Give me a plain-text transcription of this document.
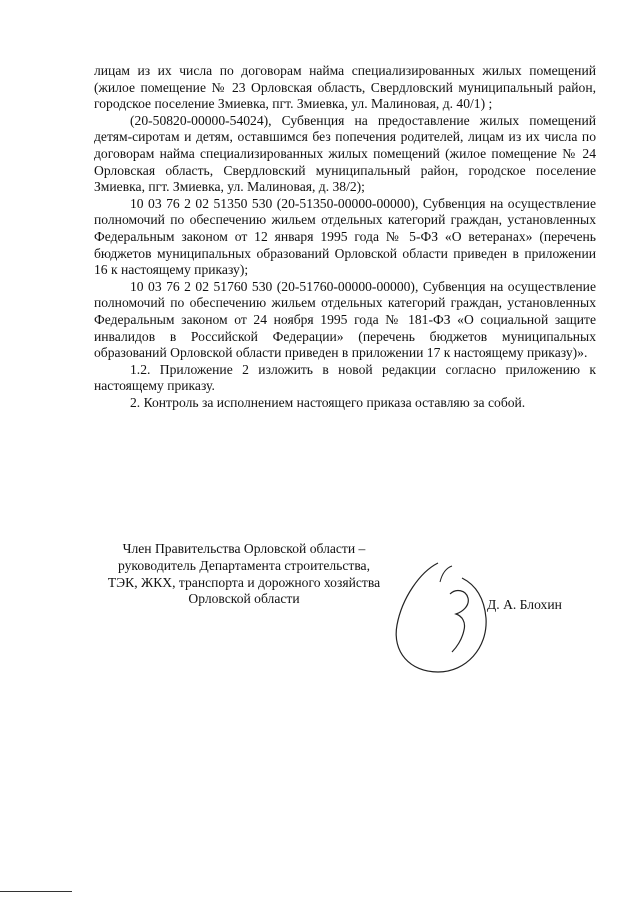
лицам из их числа по договорам найма специализированных жилых помещений (жилое помещение № 23 Орловская область, Свердловский муниципальный район, городское поселение Змиевка, пгт. Змиевка, ул. Малиновая, д. 40/1) ;

(20-50820-00000-54024), Субвенция на предоставление жилых помещений детям-сиротам и детям, оставшимся без попечения родителей, лицам из их числа по договорам найма специализированных жилых помещений (жилое помещение № 24 Орловская область, Свердловский муниципальный район, городское поселение Змиевка, пгт. Змиевка, ул. Малиновая, д. 38/2);

10 03 76 2 02 51350 530 (20-51350-00000-00000), Субвенция на осуществление полномочий по обеспечению жильем отдельных категорий граждан, установленных Федеральным законом от 12 января 1995 года № 5-ФЗ «О ветеранах» (перечень бюджетов муниципальных образований Орловской области приведен в приложении 16 к настоящему приказу);

10 03 76 2 02 51760 530 (20-51760-00000-00000), Субвенция на осуществление полномочий по обеспечению жильем отдельных категорий граждан, установленных Федеральным законом от 24 ноября 1995 года № 181-ФЗ «О социальной защите инвалидов в Российской Федерации» (перечень бюджетов муниципальных образований Орловской области приведен в приложении 17 к настоящему приказу)».

1.2. Приложение 2 изложить в новой редакции согласно приложению к настоящему приказу.

2. Контроль за исполнением настоящего приказа оставляю за собой.

Член Правительства Орловской области –
руководитель Департамента строительства,
ТЭК, ЖКХ, транспорта и дорожного хозяйства
Орловской области	Д. А. Блохин
